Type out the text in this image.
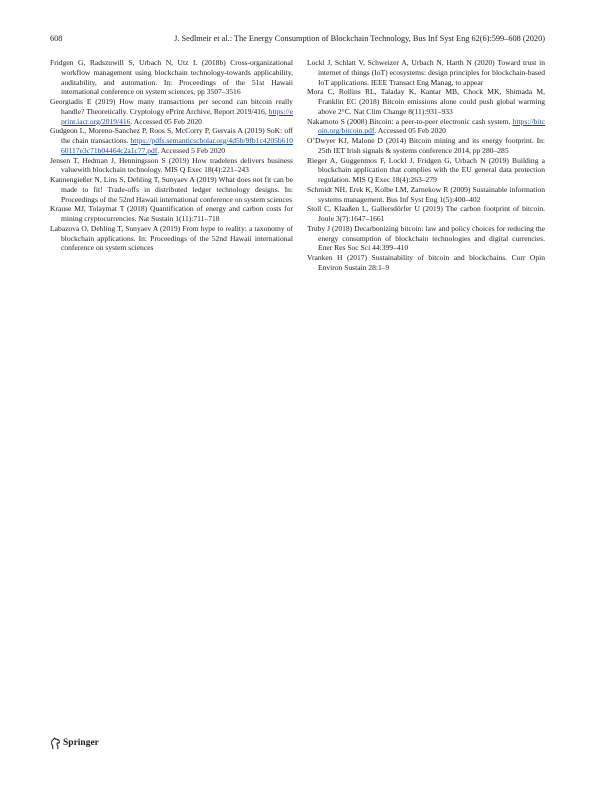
608	J. Sedlmeir et al.: The Energy Consumption of Blockchain Technology, Bus Inf Syst Eng 62(6):599–608 (2020)

Fridgen G, Radszuwill S, Urbach N, Utz L (2018b) Cross-organizational workflow management using blockchain technology-towards applicability, auditability, and automation. In: Proceedings of the 51st Hawaii international conference on system sciences, pp 3507–3516

Georgiadis E (2019) How many transactions per second can bitcoin really handle? Theoretically. Cryptology ePrint Archive, Report 2019/416, https://eprint.iacr.org/2019/416. Accessed 05 Feb 2020

Gudgeon L, Moreno-Sanchez P, Roos S, McCorry P, Gervais A (2019) SoK: off the chain transactions. https://pdfs.semanticscholar.org/4d5b/9fb1c4205b61060117e3c71b04464c2a1c77.pdf. Accessed 5 Feb 2020

Jensen T, Hedman J, Henningsson S (2019) How tradelens delivers business valuewith blockchain technology. MIS Q Exec 18(4):221–243

Kannengießer N, Lins S, Dehling T, Sunyaev A (2019) What does not fit can be made to fit! Trade-offs in distributed ledger technology designs. In: Proceedings of the 52nd Hawaii international conference on system sciences

Krause MJ, Tolaymat T (2018) Quantification of energy and carbon costs for mining cryptocurrencies. Nat Sustain 1(11):711–718

Labazova O, Dehling T, Sunyaev A (2019) From hype to reality: a taxonomy of blockchain applications. In: Proceedings of the 52nd Hawaii international conference on system sciences

Lockl J, Schlatt V, Schweizer A, Urbach N, Harth N (2020) Toward trust in internet of things (IoT) ecosystems: design principles for blockchain-based IoT applications. IEEE Transact Eng Manag, to appear

Mora C, Rollins RL, Taladay K, Kantar MB, Chock MK, Shimada M, Franklin EC (2018) Bitcoin emissions alone could push global warming above 2°C. Nat Clim Change 8(11):931–933

Nakamoto S (2008) Bitcoin: a peer-to-peer electronic cash system. https://bitcoin.org/bitcoin.pdf. Accessed 05 Feb 2020

O’Dwyer KJ, Malone D (2014) Bitcoin mining and its energy footprint. In: 25th IET Irish signals & systems conference 2014, pp 280–285

Rieger A, Guggenmos F, Lockl J, Fridgen G, Urbach N (2019) Building a blockchain application that complies with the EU general data protection regulation. MIS Q Exec 18(4):263–279

Schmidt NH, Erek K, Kolbe LM, Zarnekow R (2009) Sustainable information systems management. Bus Inf Syst Eng 1(5):400–402

Stoll C, Klaaßen L, Gallersdörfer U (2019) The carbon footprint of bitcoin. Joule 3(7):1647–1661

Truby J (2018) Decarbonizing bitcoin: law and policy choices for reducing the energy consumption of blockchain technologies and digital currencies. Ener Res Soc Sci 44:399–410

Vranken H (2017) Sustainability of bitcoin and blockchains. Curr Opin Environ Sustain 28:1–9

Springer
